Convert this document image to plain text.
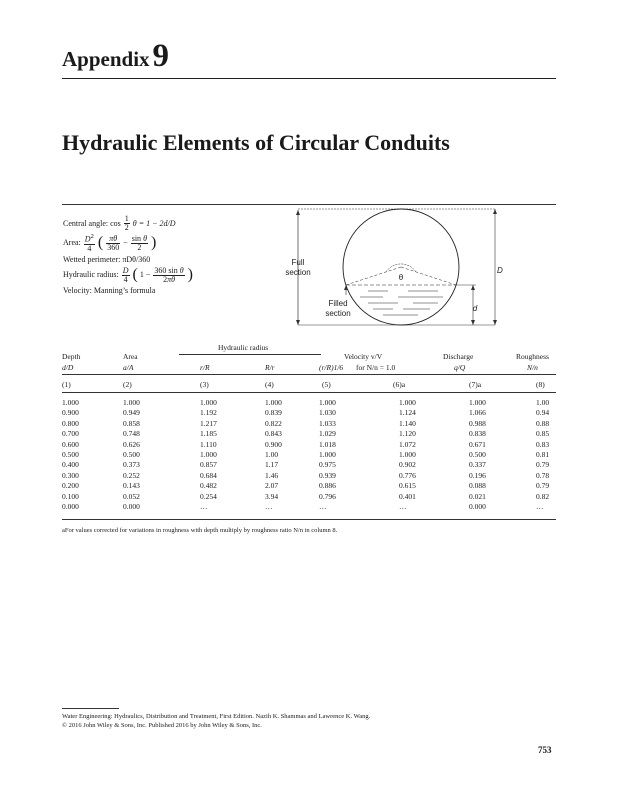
Appendix9
Hydraulic Elements of Circular Conduits
Central angle: $\cos \frac{1}{2}$ θ = 1 − 2d/D
Area: $\frac{D^2}{4}$ ( $\frac{\pi\theta}{360} - \frac{\text{sin θ}}{2}$ )
Wetted perimeter: πDθ/360
Hydraulic radius: $\frac{D}{4}$ ( $1 - \frac{\text{360 sin θ}}{2\pi\theta}$ )
Velocity: Manning’s formula
Full
section
θ
Filled
section
d
D
Hydraulic radius
Depth	Area	Velocity v/V	Discharge	Roughness
d/D	a/A	r/R	R/r	(r/R)1/6 for N/n = 1.0	q/Q	N/n
(1)	(2)	(3)	(4)	(5)	(6)a	(7)a	(8)
1.000	1.000	1.000	1.000	1.000	1.000	1.000	1.00
0.900	0.949	1.192	0.839	1.030	1.124	1.066	0.94
0.800	0.858	1.217	0.822	1.033	1.140	0.988	0.88
0.700	0.748	1.185	0.843	1.029	1.120	0.838	0.85
0.600	0.626	1.110	0.900	1.018	1.072	0.671	0.83
0.500	0.500	1.000	1.00	1.000	1.000	0.500	0.81
0.400	0.373	0.857	1.17	0.975	0.902	0.337	0.79
0.300	0.252	0.684	1.46	0.939	0.776	0.196	0.78
0.200	0.143	0.482	2.07	0.886	0.615	0.088	0.79
0.100	0.052	0.254	3.94	0.796	0.401	0.021	0.82
0.000	0.000	…	…	…	…	0.000	…
aFor values corrected for variations in roughness with depth multiply by roughness ratio N/n in column 8.
Water Engineering: Hydraulics, Distribution and Treatment, First Edition. Nazih K. Shammas and Lawrence K. Wang.
© 2016 John Wiley & Sons, Inc. Published 2016 by John Wiley & Sons, Inc.
753
